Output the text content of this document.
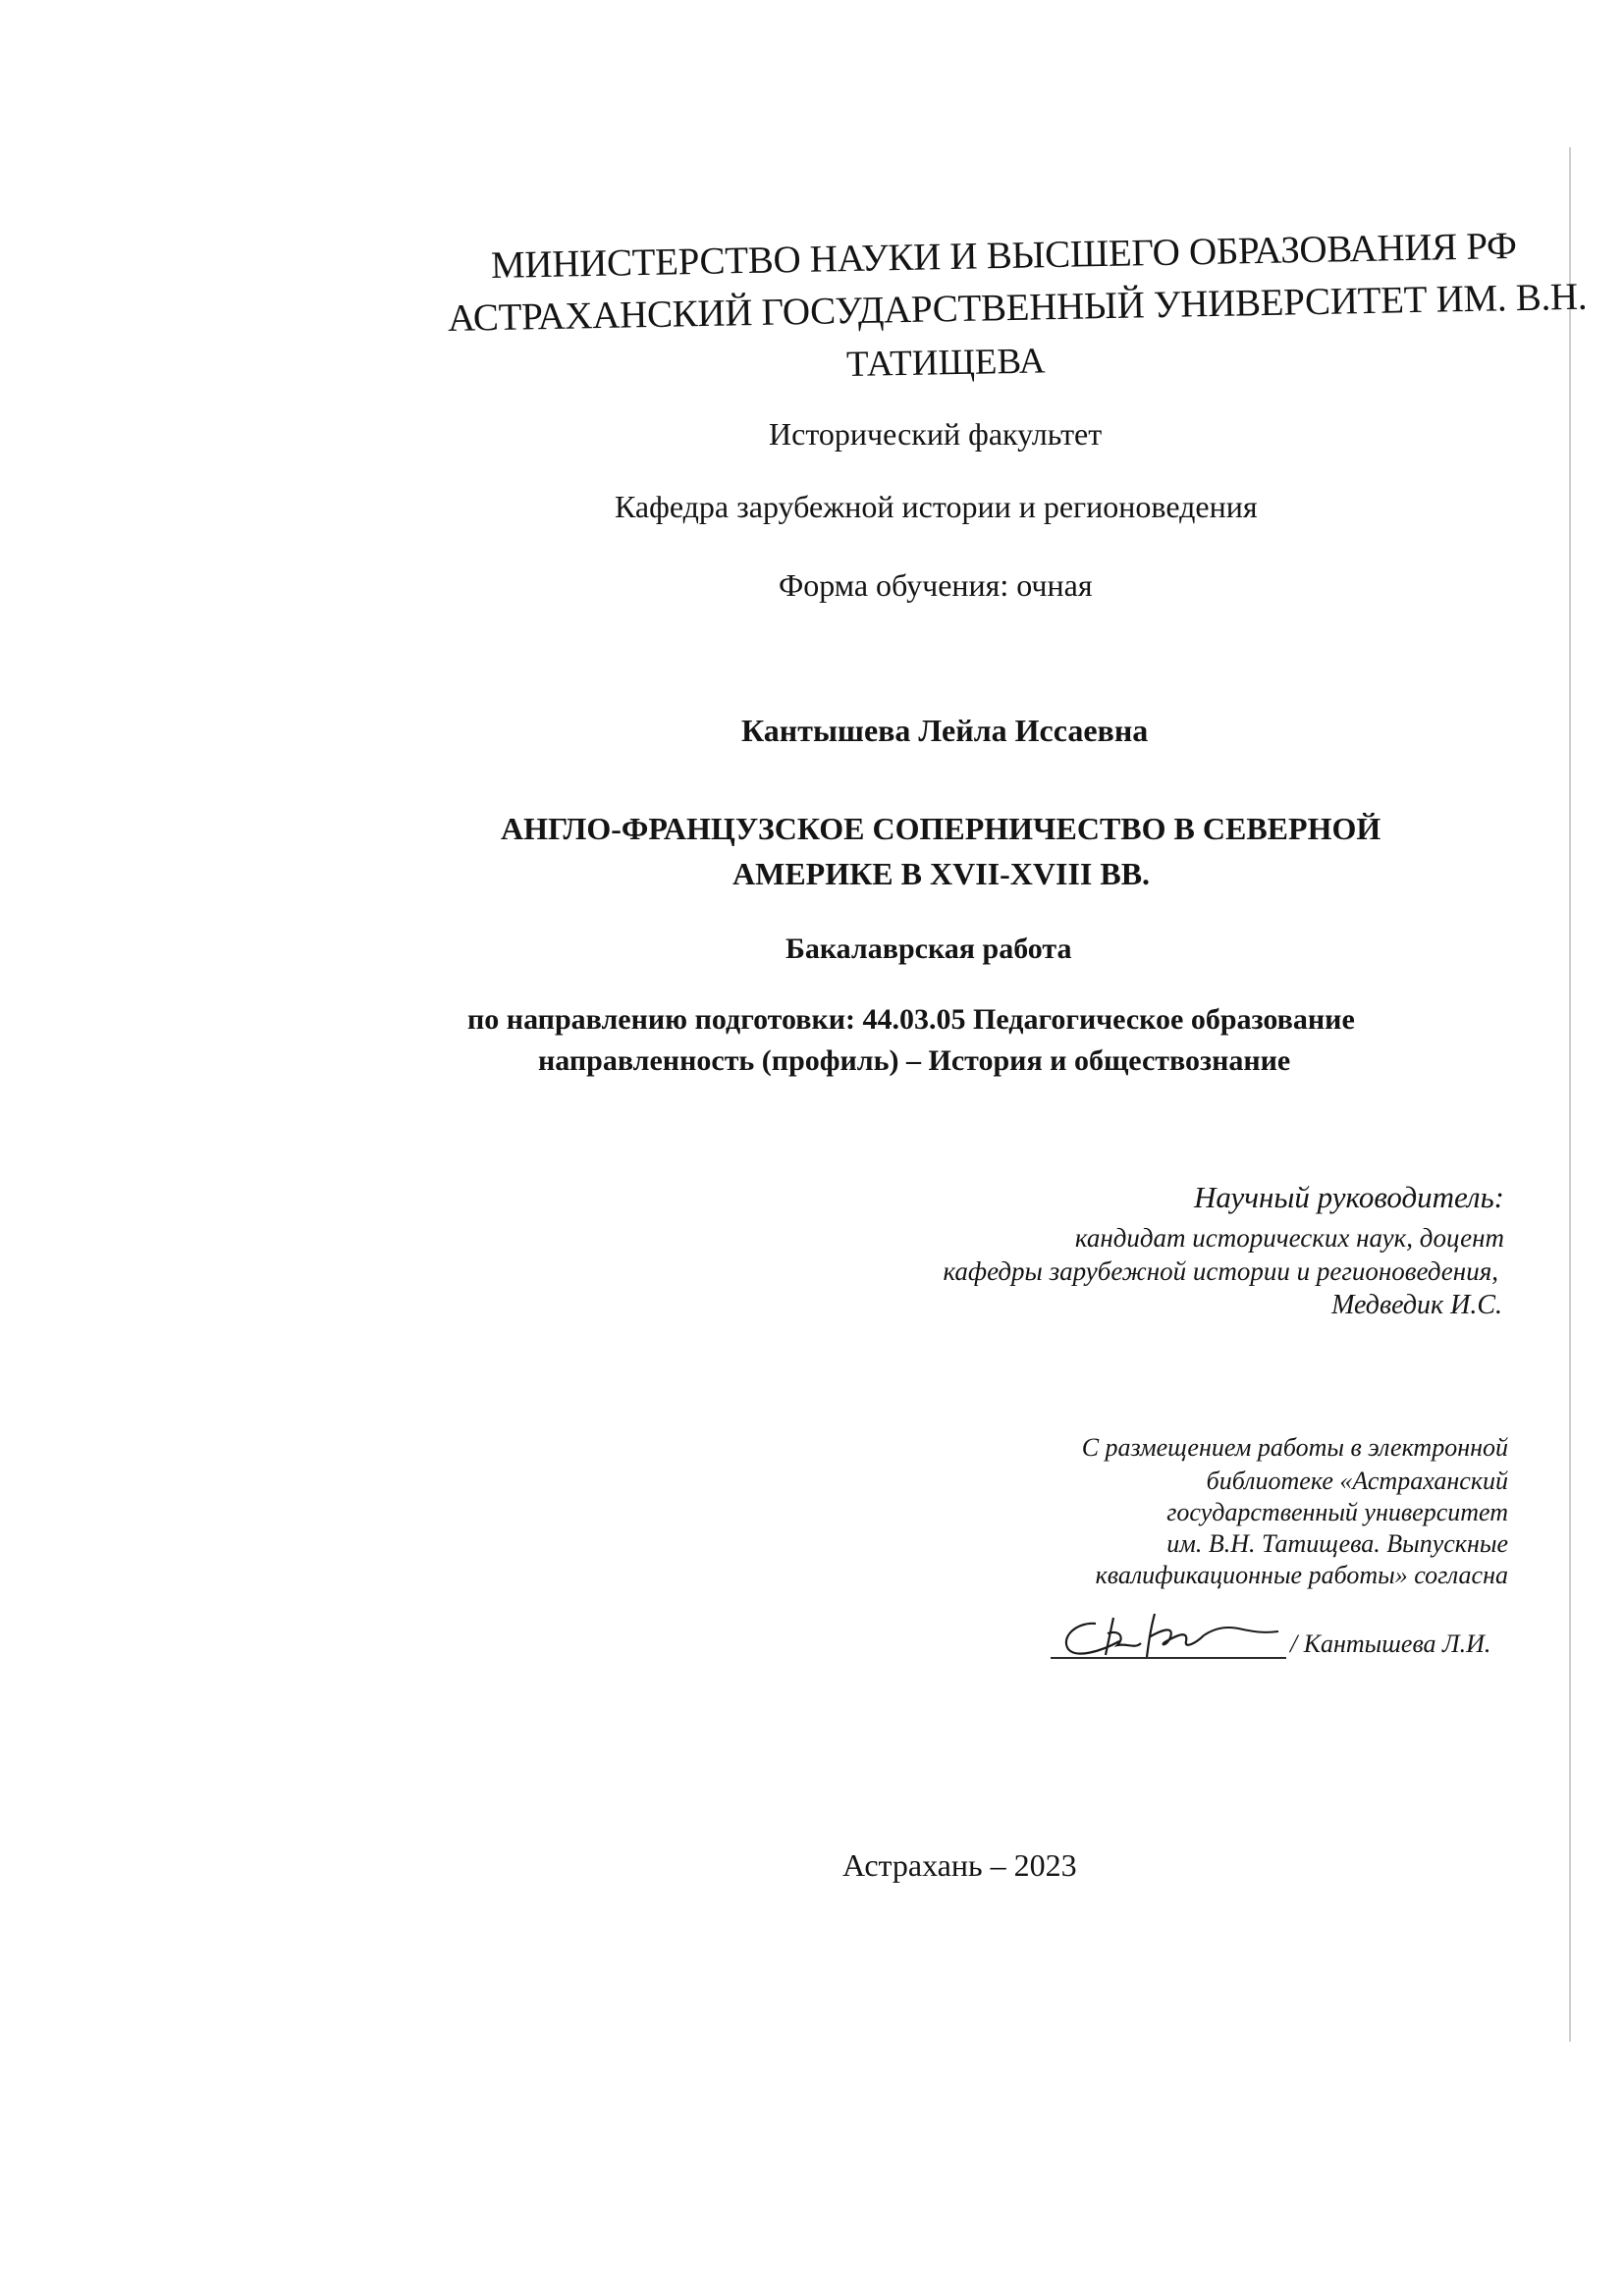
МИНИСТЕРСТВО НАУКИ И ВЫСШЕГО ОБРАЗОВАНИЯ РФ
АСТРАХАНСКИЙ ГОСУДАРСТВЕННЫЙ УНИВЕРСИТЕТ ИМ. В.Н.
ТАТИЩЕВА
Исторический факультет
Кафедра зарубежной истории и регионоведения
Форма обучения: очная
Кантышева Лейла Иссаевна
АНГЛО-ФРАНЦУЗСКОЕ СОПЕРНИЧЕСТВО В СЕВЕРНОЙ
АМЕРИКЕ В XVII-XVIII ВВ.
Бакалаврская работа
по направлению подготовки: 44.03.05 Педагогическое образование
направленность (профиль) – История и обществознание
Научный руководитель:
кандидат исторических наук, доцент
кафедры зарубежной истории и регионоведения,
Медведик И.С.
С размещением работы в электронной
библиотеке «Астраханский
государственный университет
им. В.Н. Татищева. Выпускные
квалификационные работы» согласна
/ Кантышева Л.И.
Астрахань – 2023
